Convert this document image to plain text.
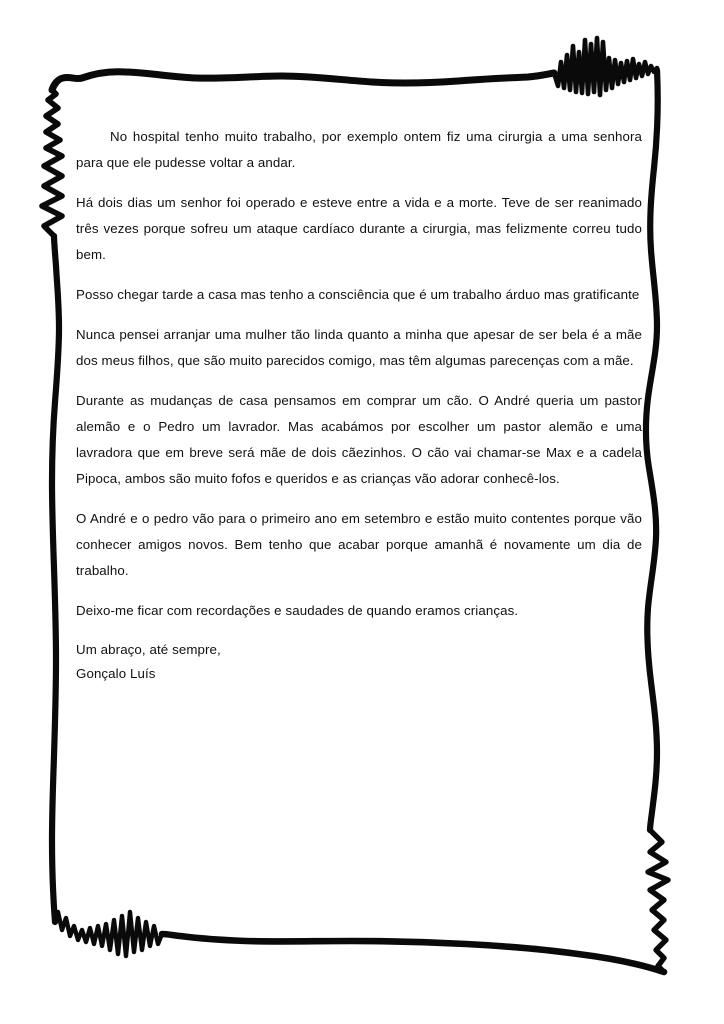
No hospital tenho muito trabalho, por exemplo ontem fiz uma cirurgia a uma senhora para que ele pudesse voltar a andar.

Há dois dias um senhor foi operado e esteve entre a vida e a morte. Teve de ser reanimado três vezes porque sofreu um ataque cardíaco durante a cirurgia, mas felizmente correu tudo bem.

Posso chegar tarde a casa mas tenho a consciência que é um trabalho árduo mas gratificante

Nunca pensei arranjar uma mulher tão linda quanto a minha que apesar de ser bela é a mãe dos meus filhos, que são muito parecidos comigo, mas têm algumas parecenças com a mãe.

Durante as mudanças de casa pensamos em comprar um cão. O André queria um pastor alemão e o Pedro um lavrador. Mas acabámos por escolher um pastor alemão e uma lavradora que em breve será mãe de dois cãezinhos. O cão vai chamar-se Max e a cadela Pipoca, ambos são muito fofos e queridos e as crianças vão adorar conhecê-los.

O André e o pedro vão para o primeiro ano em setembro e estão muito contentes porque vão conhecer amigos novos. Bem tenho que acabar porque amanhã é novamente um dia de trabalho.

Deixo-me ficar com recordações e saudades de quando eramos crianças.

Um abraço, até sempre,

Gonçalo Luís
